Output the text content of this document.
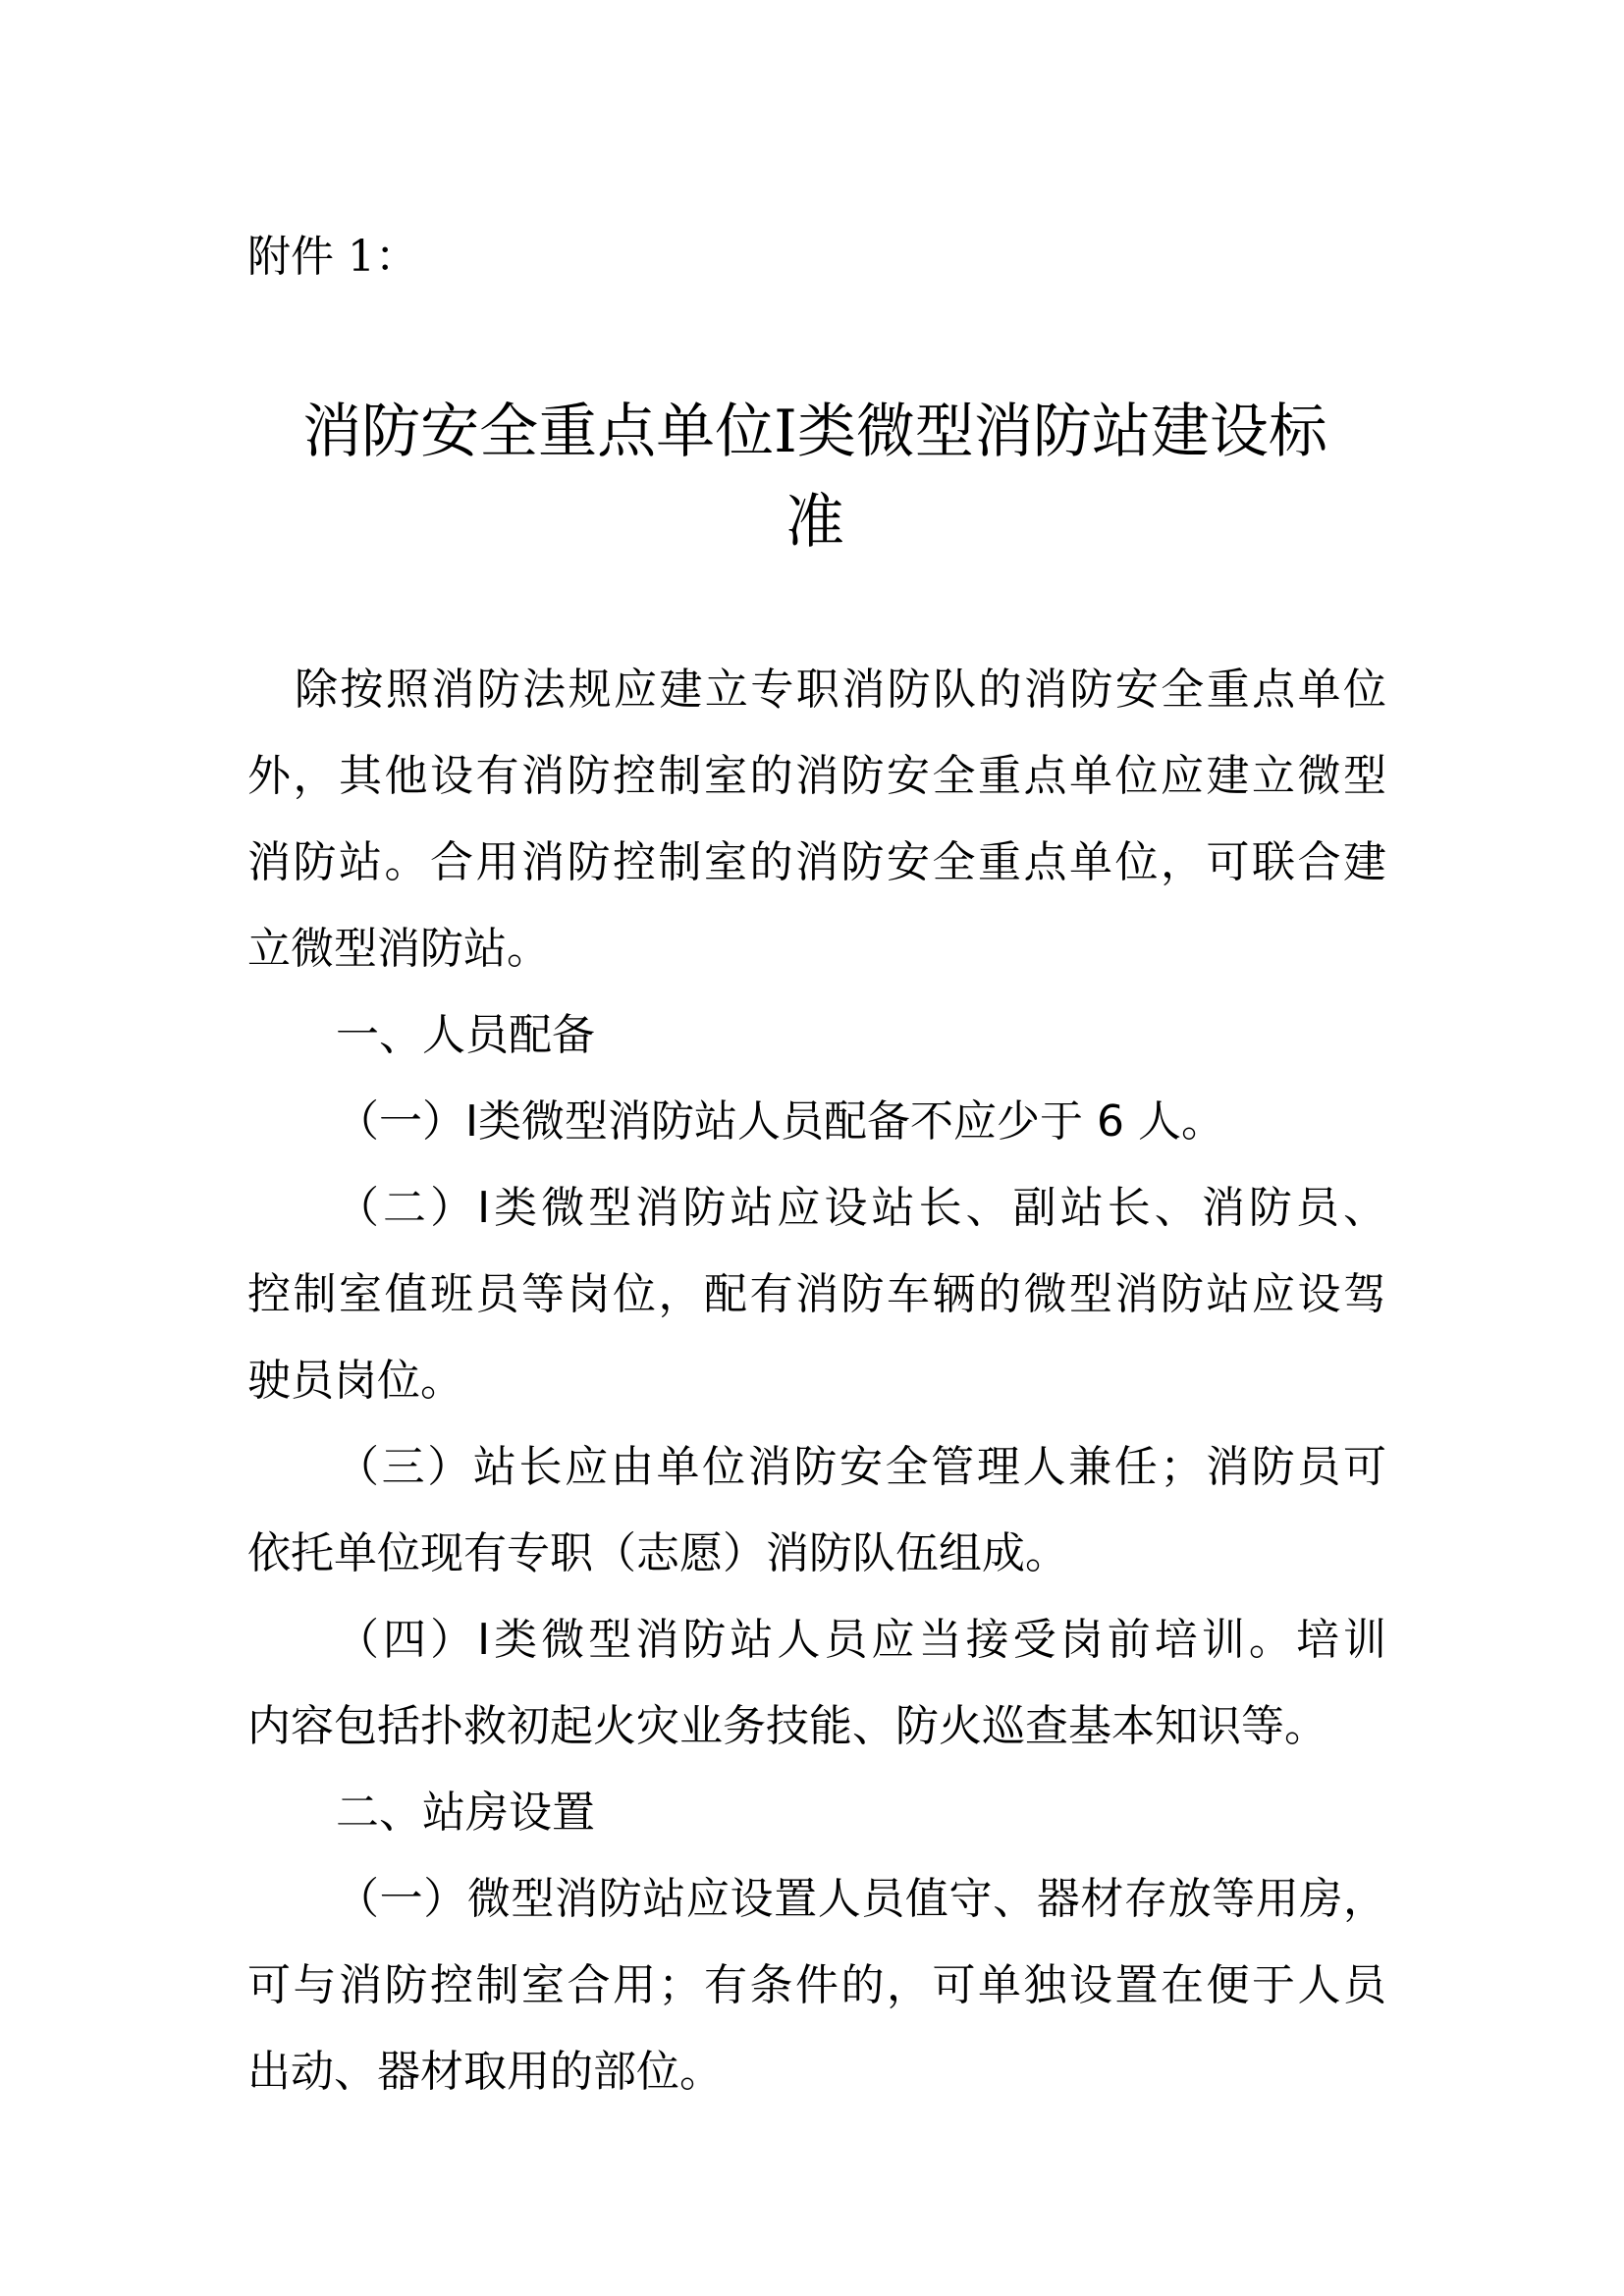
附件 1：
消防安全重点单位Ⅰ类微型消防站建设标
准
除按照消防法规应建立专职消防队的消防安全重点单位
外，其他设有消防控制室的消防安全重点单位应建立微型
消防站。合用消防控制室的消防安全重点单位，可联合建
立微型消防站。
一、人员配备
（一）Ⅰ类微型消防站人员配备不应少于 6 人。
（二）Ⅰ类微型消防站应设站长、副站长、消防员、
控制室值班员等岗位，配有消防车辆的微型消防站应设驾
驶员岗位。
（三）站长应由单位消防安全管理人兼任；消防员可
依托单位现有专职（志愿）消防队伍组成。
（四）Ⅰ类微型消防站人员应当接受岗前培训。培训
内容包括扑救初起火灾业务技能、防火巡查基本知识等。
二、站房设置
（一）微型消防站应设置人员值守、器材存放等用房，
可与消防控制室合用；有条件的，可单独设置在便于人员
出动、器材取用的部位。
